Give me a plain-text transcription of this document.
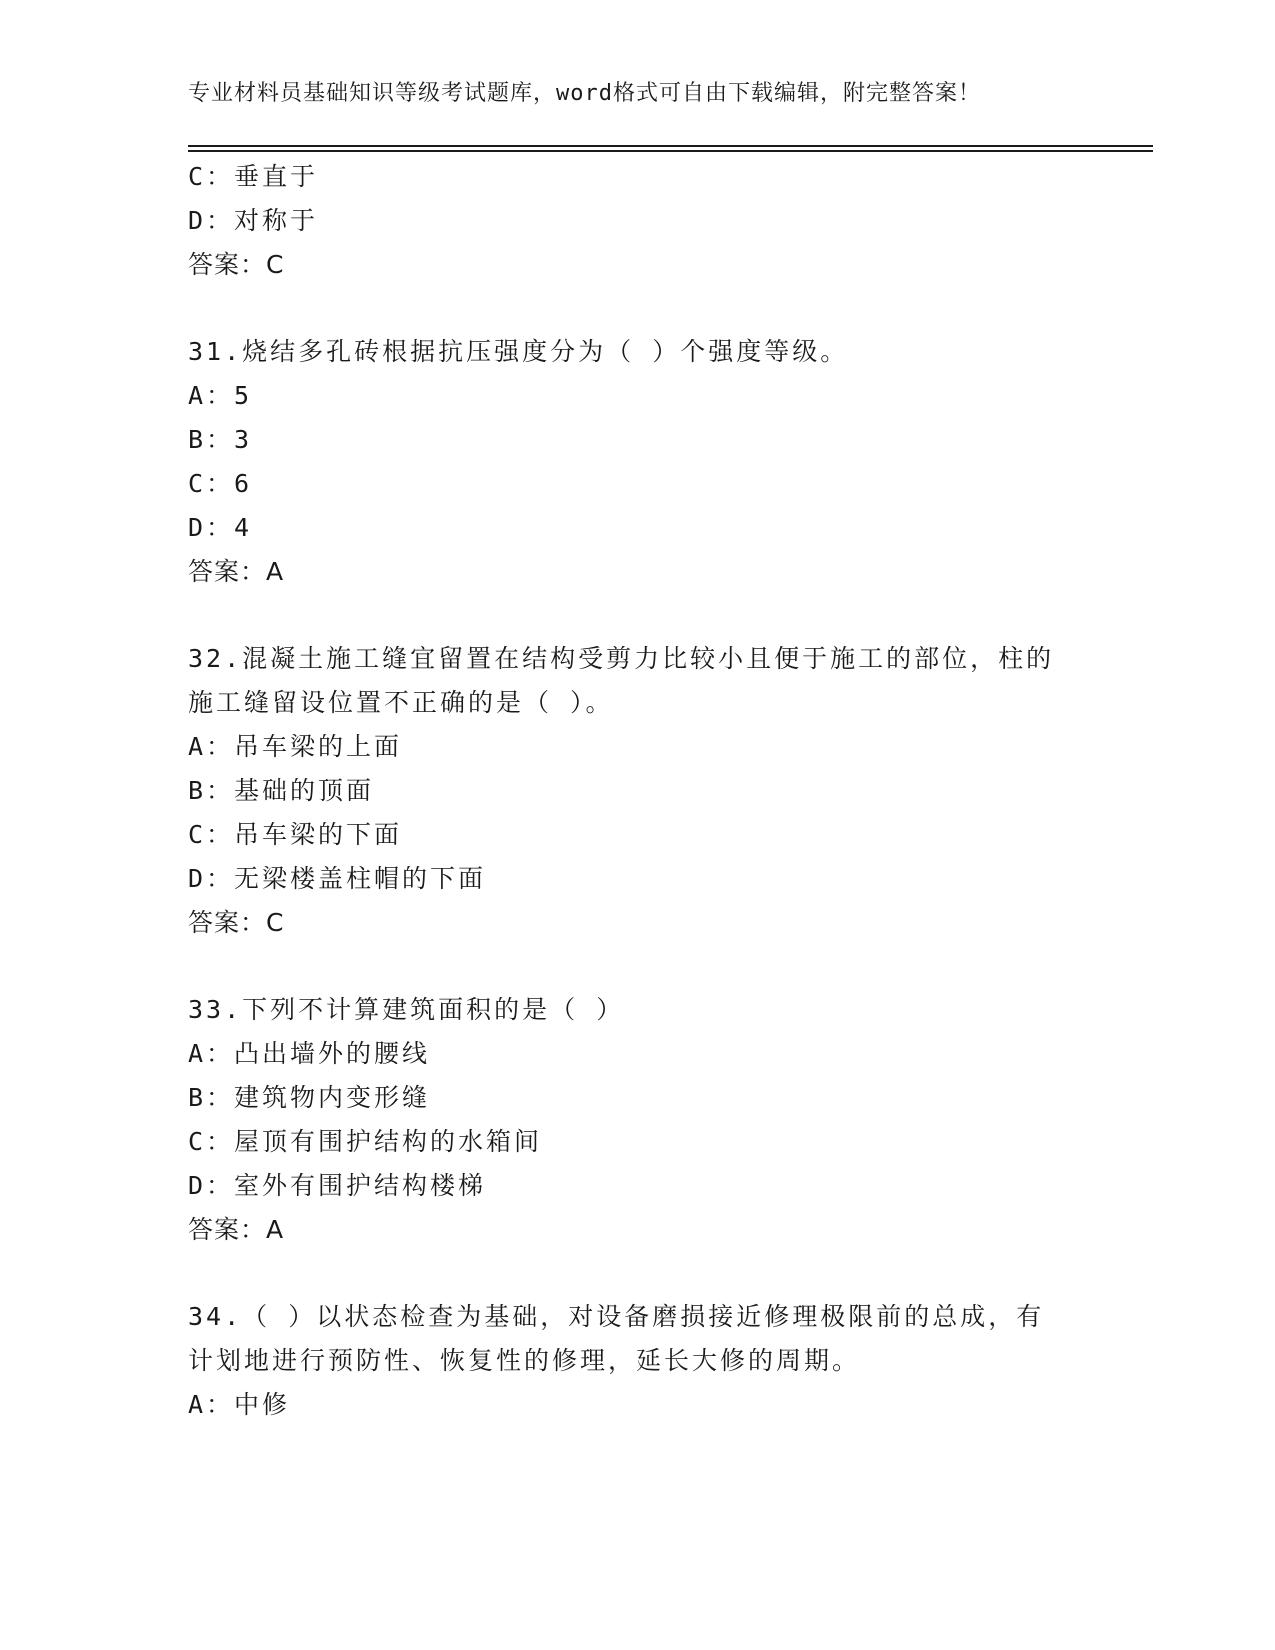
专业材料员基础知识等级考试题库，word格式可自由下载编辑，附完整答案！
C：垂直于
D：对称于
答案：C
31.烧结多孔砖根据抗压强度分为（ ）个强度等级。
A：5
B：3
C：6
D：4
答案：A
32.混凝土施工缝宜留置在结构受剪力比较小且便于施工的部位，柱的
施工缝留设位置不正确的是（ ）。
A：吊车梁的上面
B：基础的顶面
C：吊车梁的下面
D：无梁楼盖柱帽的下面
答案：C
33.下列不计算建筑面积的是（ ）
A：凸出墙外的腰线
B：建筑物内变形缝
C：屋顶有围护结构的水箱间
D：室外有围护结构楼梯
答案：A
34.（ ）以状态检查为基础，对设备磨损接近修理极限前的总成，有
计划地进行预防性、恢复性的修理，延长大修的周期。
A：中修
